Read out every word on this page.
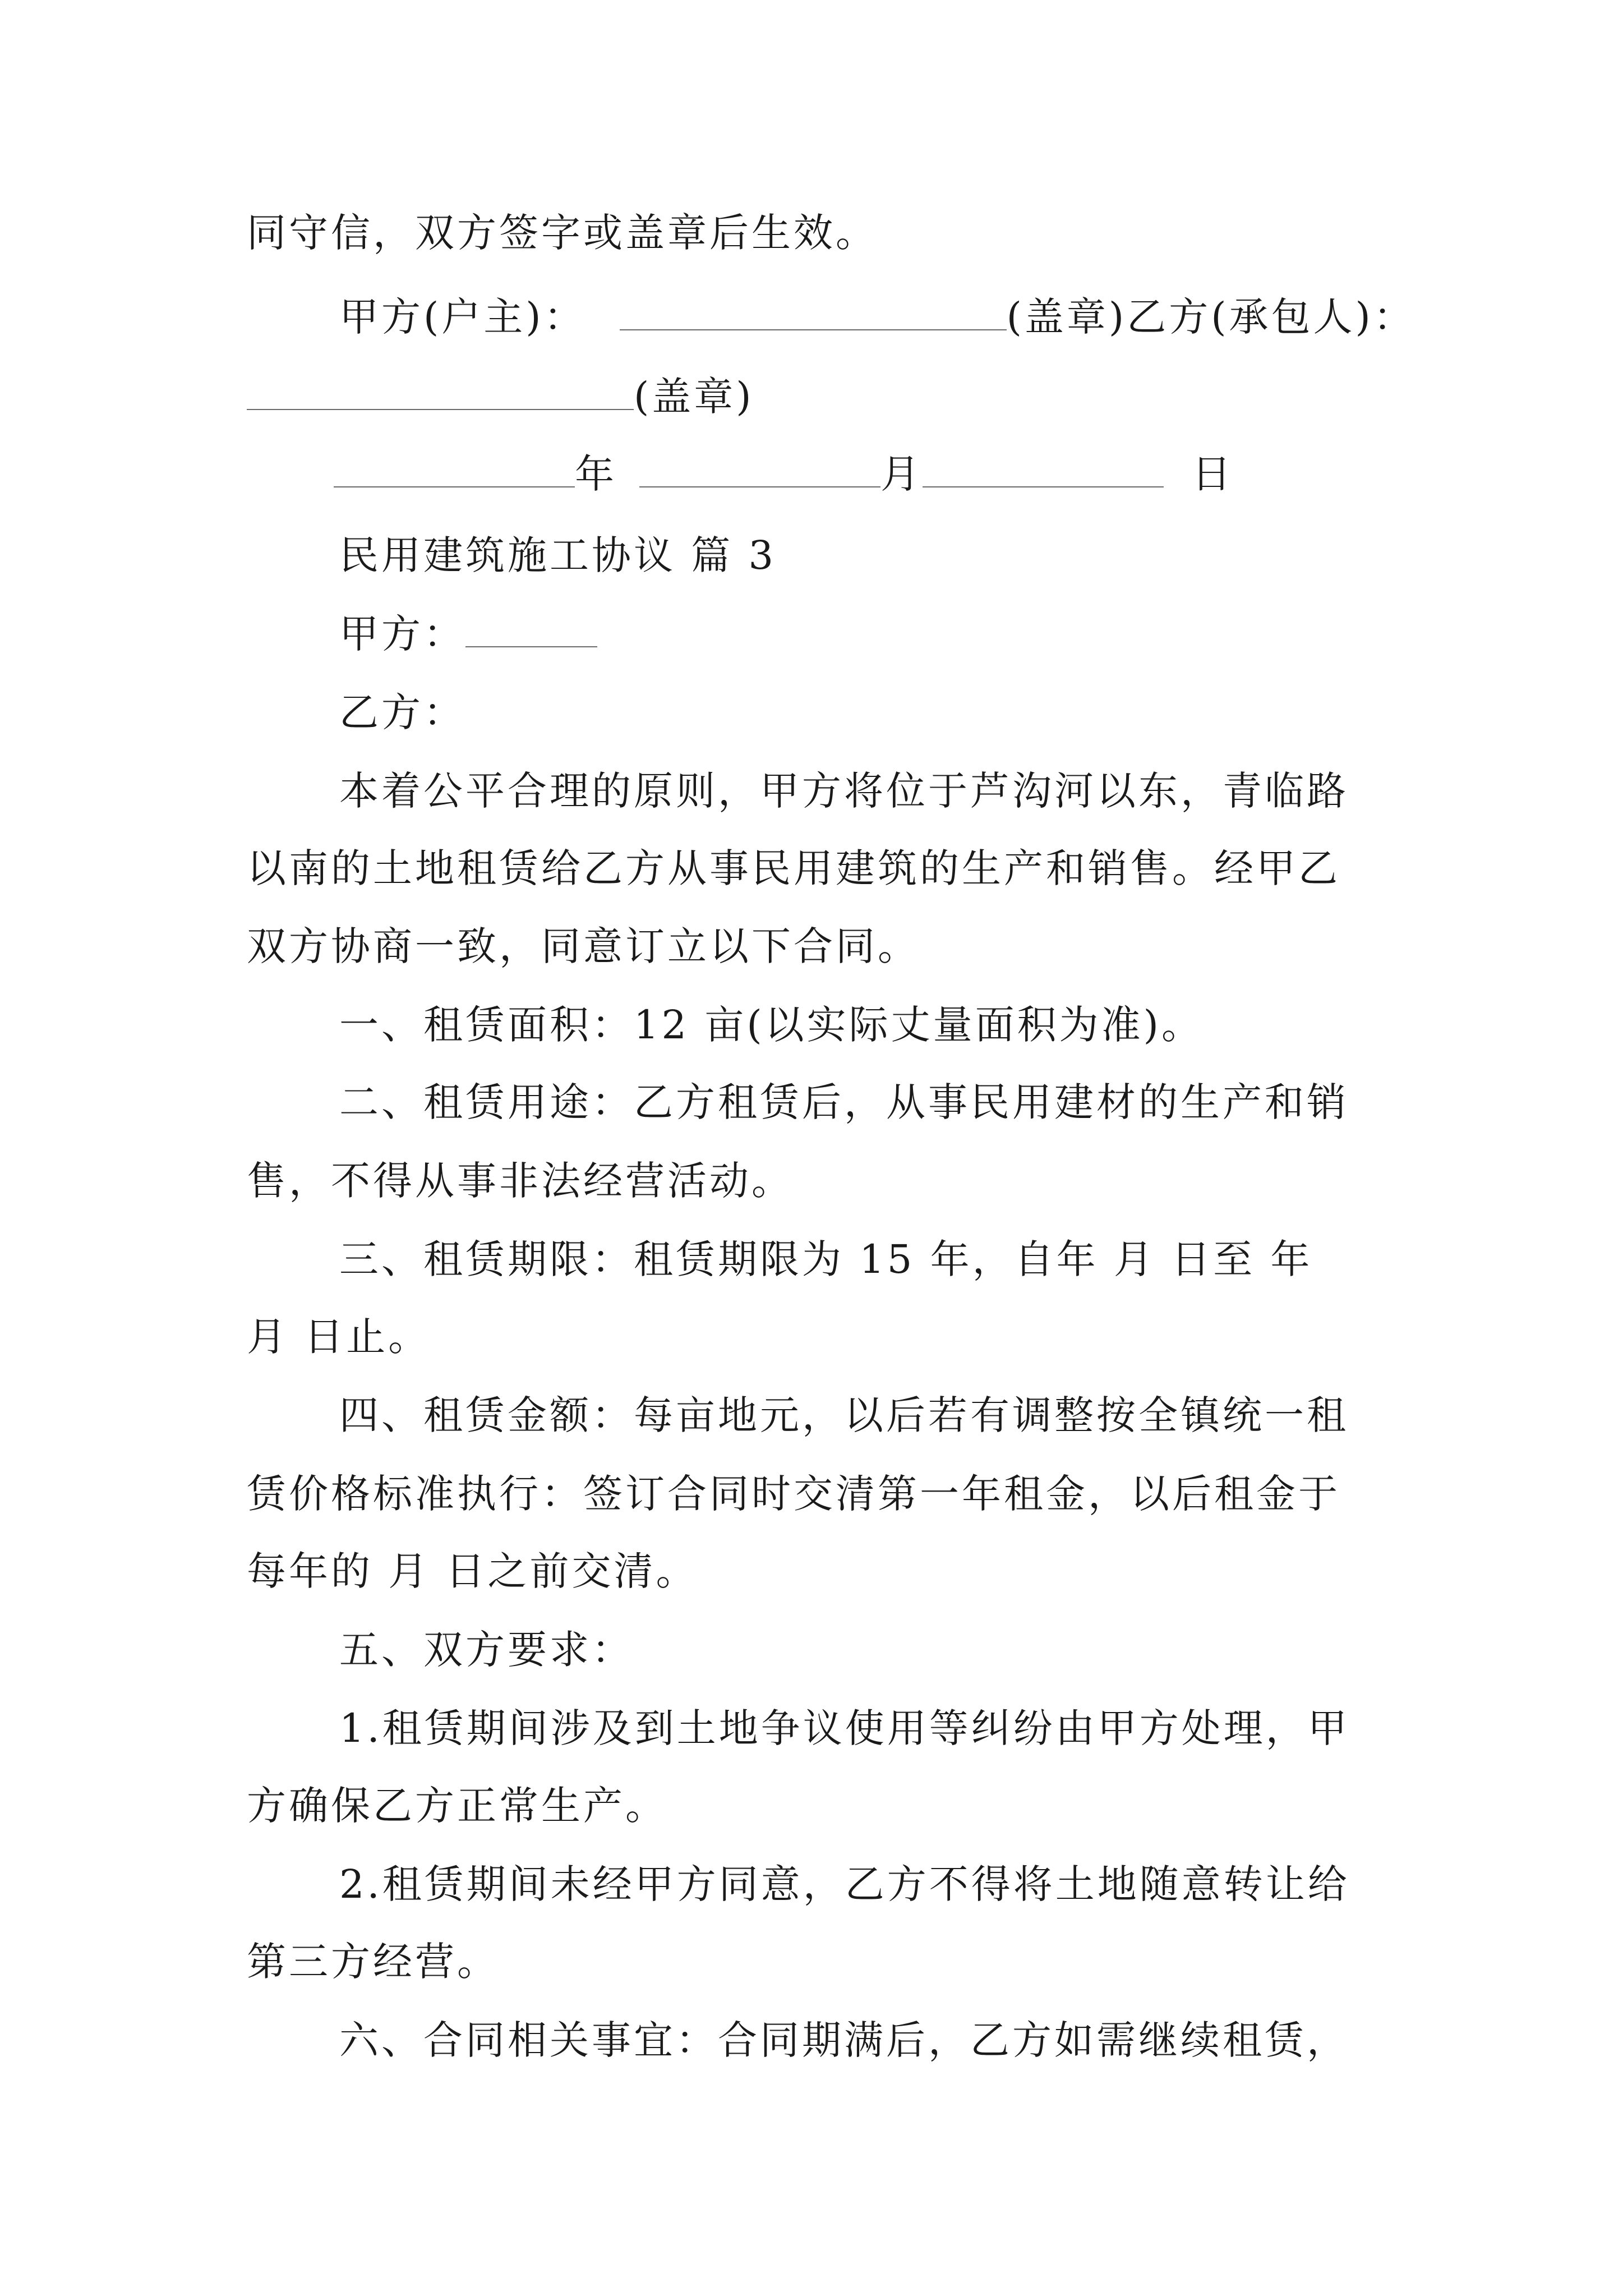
同守信，双方签字或盖章后生效。
甲方(户主)：	(盖章)乙方(承包人)：
(盖章)
年	月	日
民用建筑施工协议 篇 3
甲方：
乙方：
本着公平合理的原则，甲方将位于芦沟河以东，青临路
以南的土地租赁给乙方从事民用建筑的生产和销售。经甲乙
双方协商一致，同意订立以下合同。
一、租赁面积：12 亩(以实际丈量面积为准)。
二、租赁用途：乙方租赁后，从事民用建材的生产和销
售，不得从事非法经营活动。
三、租赁期限：租赁期限为 15 年，自年 月 日至 年
月 日止。
四、租赁金额：每亩地元，以后若有调整按全镇统一租
赁价格标准执行：签订合同时交清第一年租金，以后租金于
每年的 月 日之前交清。
五、双方要求：
1.租赁期间涉及到土地争议使用等纠纷由甲方处理，甲
方确保乙方正常生产。
2.租赁期间未经甲方同意，乙方不得将土地随意转让给
第三方经营。
六、合同相关事宜：合同期满后，乙方如需继续租赁，
